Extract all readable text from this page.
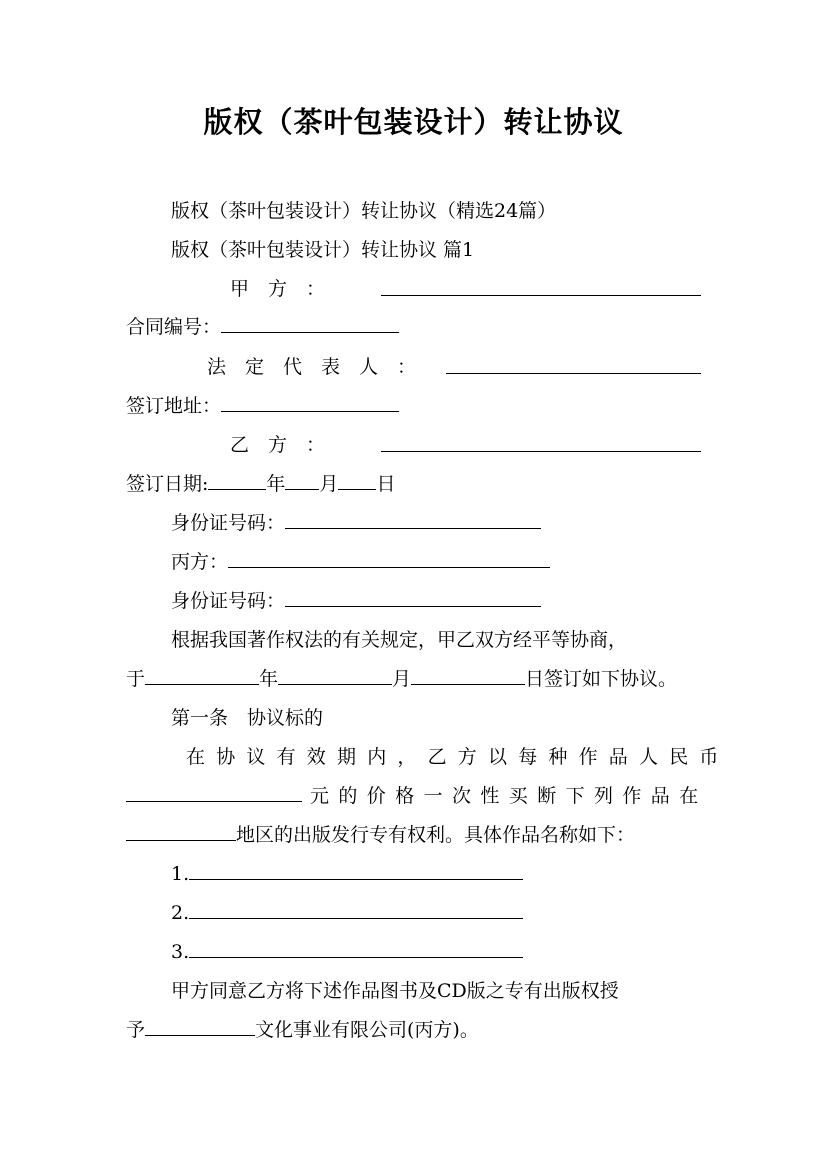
版权（茶叶包装设计）转让协议
版权（茶叶包装设计）转让协议（精选24篇）
版权（茶叶包装设计）转让协议 篇1
甲　方　：
合同编号：
法　定　代　表　人　：
签订地址：
乙　方　：
签订日期:	年 月 日
身份证号码：
丙方：
身份证号码：
根据我国著作权法的有关规定，甲乙双方经平等协商，
于	年	月	日签订如下协议。
第一条　协议标的
在协议有效期内，乙方以每种作品人民币
元的价格一次性买断下列作品在
地区的出版发行专有权利。具体作品名称如下：
1.
2.
3.
甲方同意乙方将下述作品图书及CD版之专有出版权授
予	文化事业有限公司(丙方)。
